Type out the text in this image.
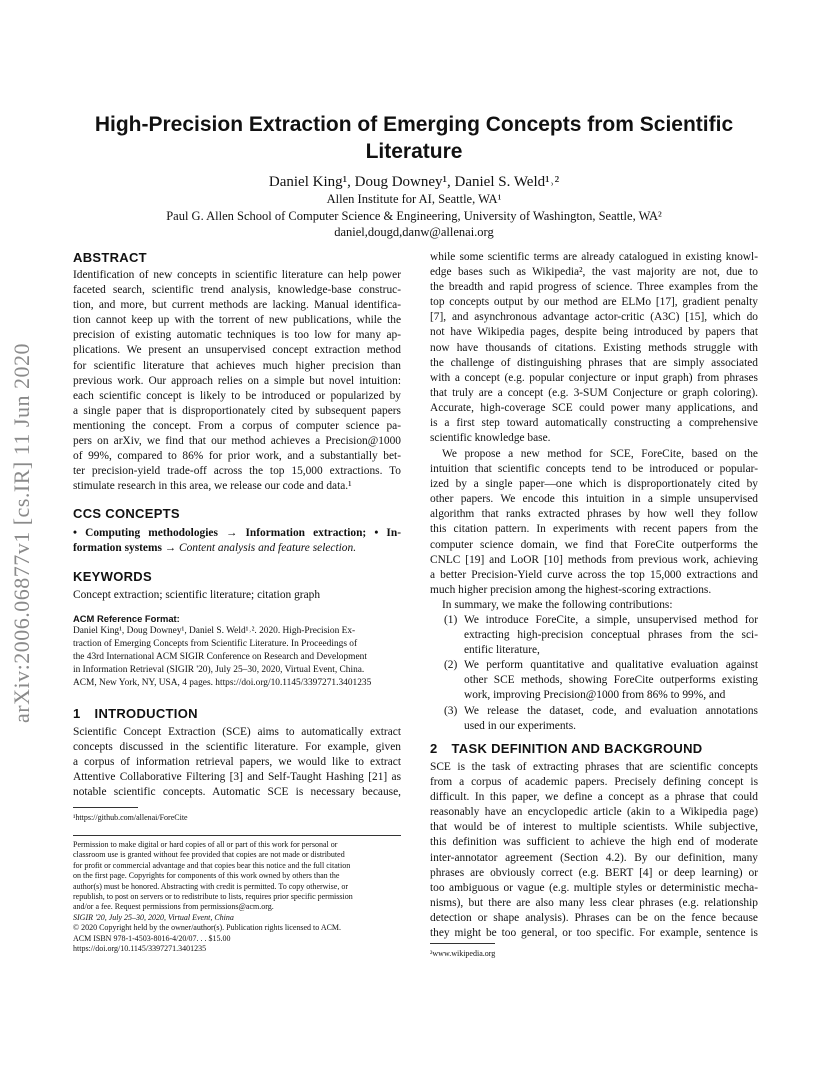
High-Precision Extraction of Emerging Concepts from Scientific
Literature
Daniel King¹, Doug Downey¹, Daniel S. Weld¹˒²
Allen Institute for AI, Seattle, WA¹
Paul G. Allen School of Computer Science & Engineering, University of Washington, Seattle, WA²
daniel,dougd,danw@allenai.org
arXiv:2006.06877v1 [cs.IR] 11 Jun 2020
ABSTRACT
Identification of new concepts in scientific literature can help power
faceted search, scientific trend analysis, knowledge-base construc-
tion, and more, but current methods are lacking. Manual identifica-
tion cannot keep up with the torrent of new publications, while the
precision of existing automatic techniques is too low for many ap-
plications. We present an unsupervised concept extraction method
for scientific literature that achieves much higher precision than
previous work. Our approach relies on a simple but novel intuition:
each scientific concept is likely to be introduced or popularized by
a single paper that is disproportionately cited by subsequent papers
mentioning the concept. From a corpus of computer science pa-
pers on arXiv, we find that our method achieves a Precision@1000
of 99%, compared to 86% for prior work, and a substantially bet-
ter precision-yield trade-off across the top 15,000 extractions. To
stimulate research in this area, we release our code and data.¹
CCS CONCEPTS
• Computing methodologies → Information extraction; • In-
formation systems → Content analysis and feature selection.
KEYWORDS
Concept extraction; scientific literature; citation graph
ACM Reference Format:
Daniel King¹, Doug Downey¹, Daniel S. Weld¹˒². 2020. High-Precision Ex-
traction of Emerging Concepts from Scientific Literature. In Proceedings of
the 43rd International ACM SIGIR Conference on Research and Development
in Information Retrieval (SIGIR '20), July 25–30, 2020, Virtual Event, China.
ACM, New York, NY, USA, 4 pages. https://doi.org/10.1145/3397271.3401235
1 INTRODUCTION
Scientific Concept Extraction (SCE) aims to automatically extract
concepts discussed in the scientific literature. For example, given
a corpus of information retrieval papers, we would like to extract
Attentive Collaborative Filtering [3] and Self-Taught Hashing [21] as
notable scientific concepts. Automatic SCE is necessary because,
¹https://github.com/allenai/ForeCite
Permission to make digital or hard copies of all or part of this work for personal or
classroom use is granted without fee provided that copies are not made or distributed
for profit or commercial advantage and that copies bear this notice and the full citation
on the first page. Copyrights for components of this work owned by others than the
author(s) must be honored. Abstracting with credit is permitted. To copy otherwise, or
republish, to post on servers or to redistribute to lists, requires prior specific permission
and/or a fee. Request permissions from permissions@acm.org.
SIGIR '20, July 25–30, 2020, Virtual Event, China
© 2020 Copyright held by the owner/author(s). Publication rights licensed to ACM.
ACM ISBN 978-1-4503-8016-4/20/07. . . $15.00
https://doi.org/10.1145/3397271.3401235
while some scientific terms are already catalogued in existing knowl-
edge bases such as Wikipedia², the vast majority are not, due to
the breadth and rapid progress of science. Three examples from the
top concepts output by our method are ELMo [17], gradient penalty
[7], and asynchronous advantage actor-critic (A3C) [15], which do
not have Wikipedia pages, despite being introduced by papers that
now have thousands of citations. Existing methods struggle with
the challenge of distinguishing phrases that are simply associated
with a concept (e.g. popular conjecture or input graph) from phrases
that truly are a concept (e.g. 3-SUM Conjecture or graph coloring).
Accurate, high-coverage SCE could power many applications, and
is a first step toward automatically constructing a comprehensive
scientific knowledge base.
We propose a new method for SCE, ForeCite, based on the
intuition that scientific concepts tend to be introduced or popular-
ized by a single paper—one which is disproportionately cited by
other papers. We encode this intuition in a simple unsupervised
algorithm that ranks extracted phrases by how well they follow
this citation pattern. In experiments with recent papers from the
computer science domain, we find that ForeCite outperforms the
CNLC [19] and LoOR [10] methods from previous work, achieving
a better Precision-Yield curve across the top 15,000 extractions and
much higher precision among the highest-scoring extractions.
In summary, we make the following contributions:
(1) We introduce ForeCite, a simple, unsupervised method for
extracting high-precision conceptual phrases from the sci-
entific literature,
(2) We perform quantitative and qualitative evaluation against
other SCE methods, showing ForeCite outperforms existing
work, improving Precision@1000 from 86% to 99%, and
(3) We release the dataset, code, and evaluation annotations
used in our experiments.
2 TASK DEFINITION AND BACKGROUND
SCE is the task of extracting phrases that are scientific concepts
from a corpus of academic papers. Precisely defining concept is
difficult. In this paper, we define a concept as a phrase that could
reasonably have an encyclopedic article (akin to a Wikipedia page)
that would be of interest to multiple scientists. While subjective,
this definition was sufficient to achieve the high end of moderate
inter-annotator agreement (Section 4.2). By our definition, many
phrases are obviously correct (e.g. BERT [4] or deep learning) or
too ambiguous or vague (e.g. multiple styles or deterministic mecha-
nisms), but there are also many less clear phrases (e.g. relationship
detection or shape analysis). Phrases can be on the fence because
they might be too general, or too specific. For example, sentence is
²www.wikipedia.org
